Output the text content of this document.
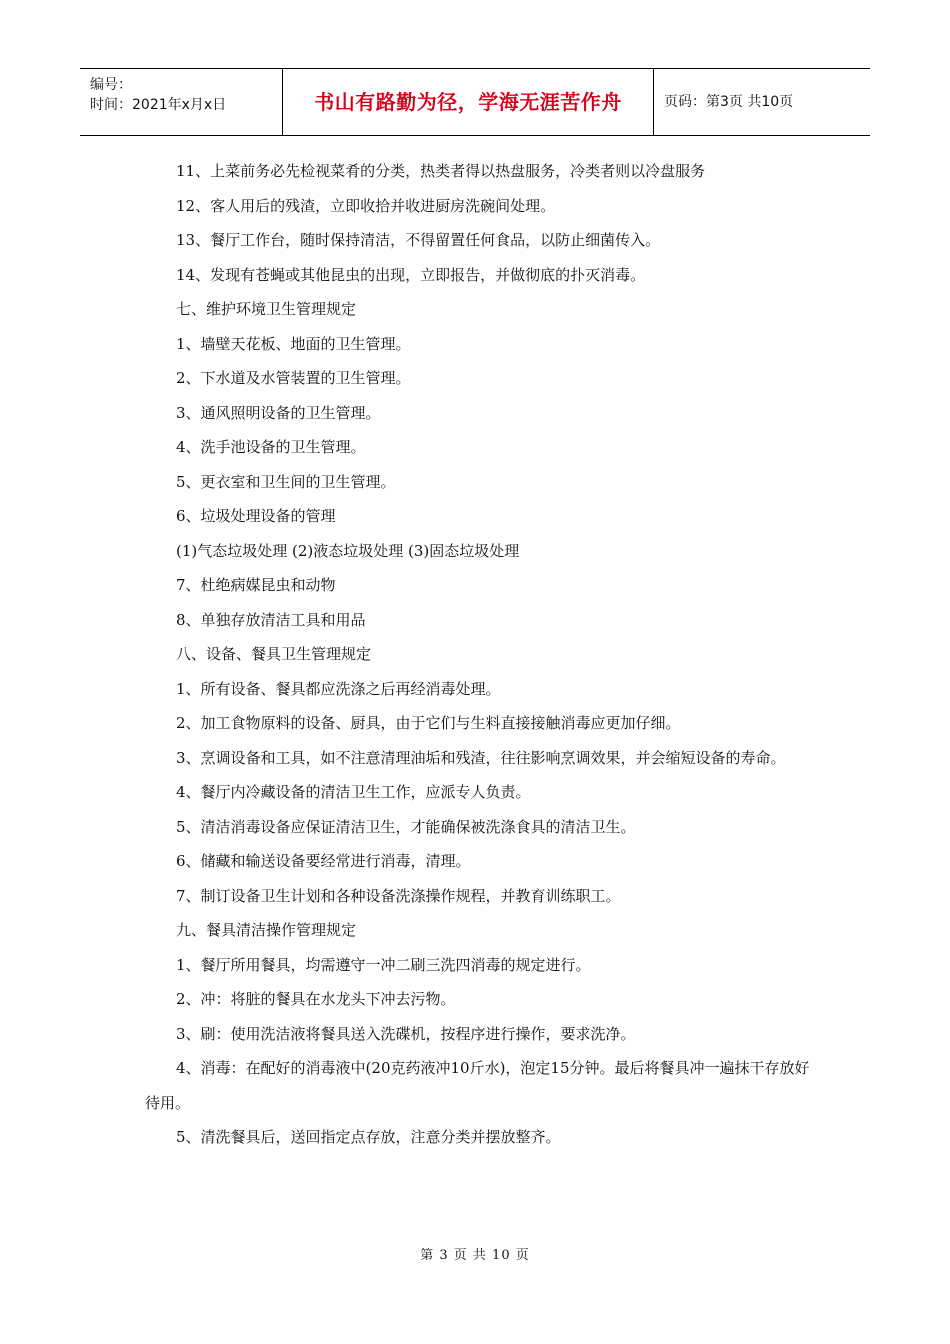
编号：
时间：2021年x月x日	书山有路勤为径，学海无涯苦作舟	页码：第3页 共10页

11、上菜前务必先检视菜肴的分类，热类者得以热盘服务，冷类者则以冷盘服务

12、客人用后的残渣，立即收拾并收进厨房洗碗间处理。

13、餐厅工作台，随时保持清洁，不得留置任何食品，以防止细菌传入。

14、发现有苍蝇或其他昆虫的出现，立即报告，并做彻底的扑灭消毒。

七、维护环境卫生管理规定

1、墙壁天花板、地面的卫生管理。

2、下水道及水管装置的卫生管理。

3、通风照明设备的卫生管理。

4、洗手池设备的卫生管理。

5、更衣室和卫生间的卫生管理。

6、垃圾处理设备的管理

(1)气态垃圾处理 (2)液态垃圾处理 (3)固态垃圾处理

7、杜绝病媒昆虫和动物

8、单独存放清洁工具和用品

八、设备、餐具卫生管理规定

1、所有设备、餐具都应洗涤之后再经消毒处理。

2、加工食物原料的设备、厨具，由于它们与生料直接接触消毒应更加仔细。

3、烹调设备和工具，如不注意清理油垢和残渣，往往影响烹调效果，并会缩短设备的寿命。

4、餐厅内冷藏设备的清洁卫生工作，应派专人负责。

5、清洁消毒设备应保证清洁卫生，才能确保被洗涤食具的清洁卫生。

6、储藏和输送设备要经常进行消毒，清理。

7、制订设备卫生计划和各种设备洗涤操作规程，并教育训练职工。

九、餐具清洁操作管理规定

1、餐厅所用餐具，均需遵守一冲二刷三洗四消毒的规定进行。

2、冲：将脏的餐具在水龙头下冲去污物。

3、刷：使用洗洁液将餐具送入洗碟机，按程序进行操作，要求洗净。

4、消毒：在配好的消毒液中(20克药液冲10斤水)，泡定15分钟。最后将餐具冲一遍抹干存放好待用。

5、清洗餐具后，送回指定点存放，注意分类并摆放整齐。

第 3 页 共 10 页
